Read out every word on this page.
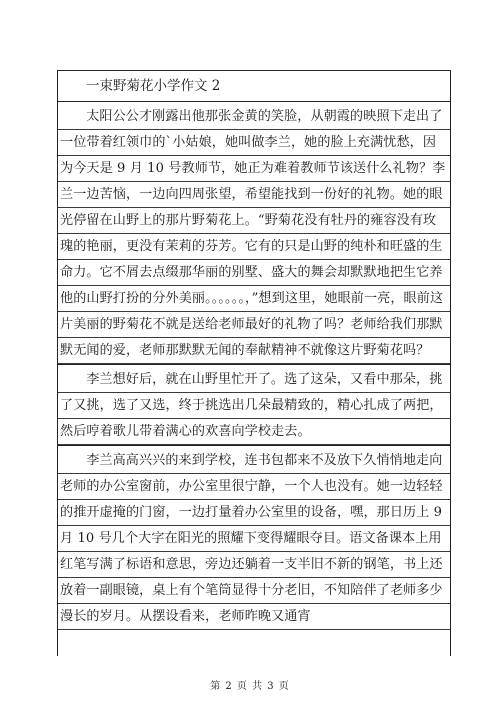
一束野菊花小学作文 2
太阳公公才刚露出他那张金黄的笑脸，从朝霞的映照下走出了一位带着红领巾的`小姑娘，她叫做李兰，她的脸上充满忧愁，因为今天是 9 月 10 号教师节，她正为难着教师节该送什么礼物？李兰一边苦恼，一边向四周张望，希望能找到一份好的礼物。她的眼光停留在山野上的那片野菊花上。“野菊花没有牡丹的雍容没有玫瑰的艳丽，更没有茉莉的芬芳。它有的只是山野的纯朴和旺盛的生命力。它不屑去点缀那华丽的别墅、盛大的舞会却默默地把生它养他的山野打扮的分外美丽。。。。。。，”想到这里，她眼前一亮，眼前这片美丽的野菊花不就是送给老师最好的礼物了吗？老师给我们那默默无闻的爱，老师那默默无闻的奉献精神不就像这片野菊花吗？
李兰想好后，就在山野里忙开了。选了这朵，又看中那朵，挑了又挑，选了又选，终于挑选出几朵最精致的，精心扎成了两把，然后哼着歌儿带着满心的欢喜向学校走去。
李兰高高兴兴的来到学校，连书包都来不及放下久悄悄地走向老师的办公室窗前，办公室里很宁静，一个人也没有。她一边轻轻的推开虚掩的门窗，一边打量着办公室里的设备，嘿，那日历上 9 月 10 号几个大字在阳光的照耀下变得耀眼夺目。语文备课本上用红笔写满了标语和意思，旁边还躺着一支半旧不新的钢笔，书上还放着一副眼镜，桌上有个笔筒显得十分老旧，不知陪伴了老师多少漫长的岁月。从摆设看来，老师昨晚又通宵
第 2 页 共 3 页
